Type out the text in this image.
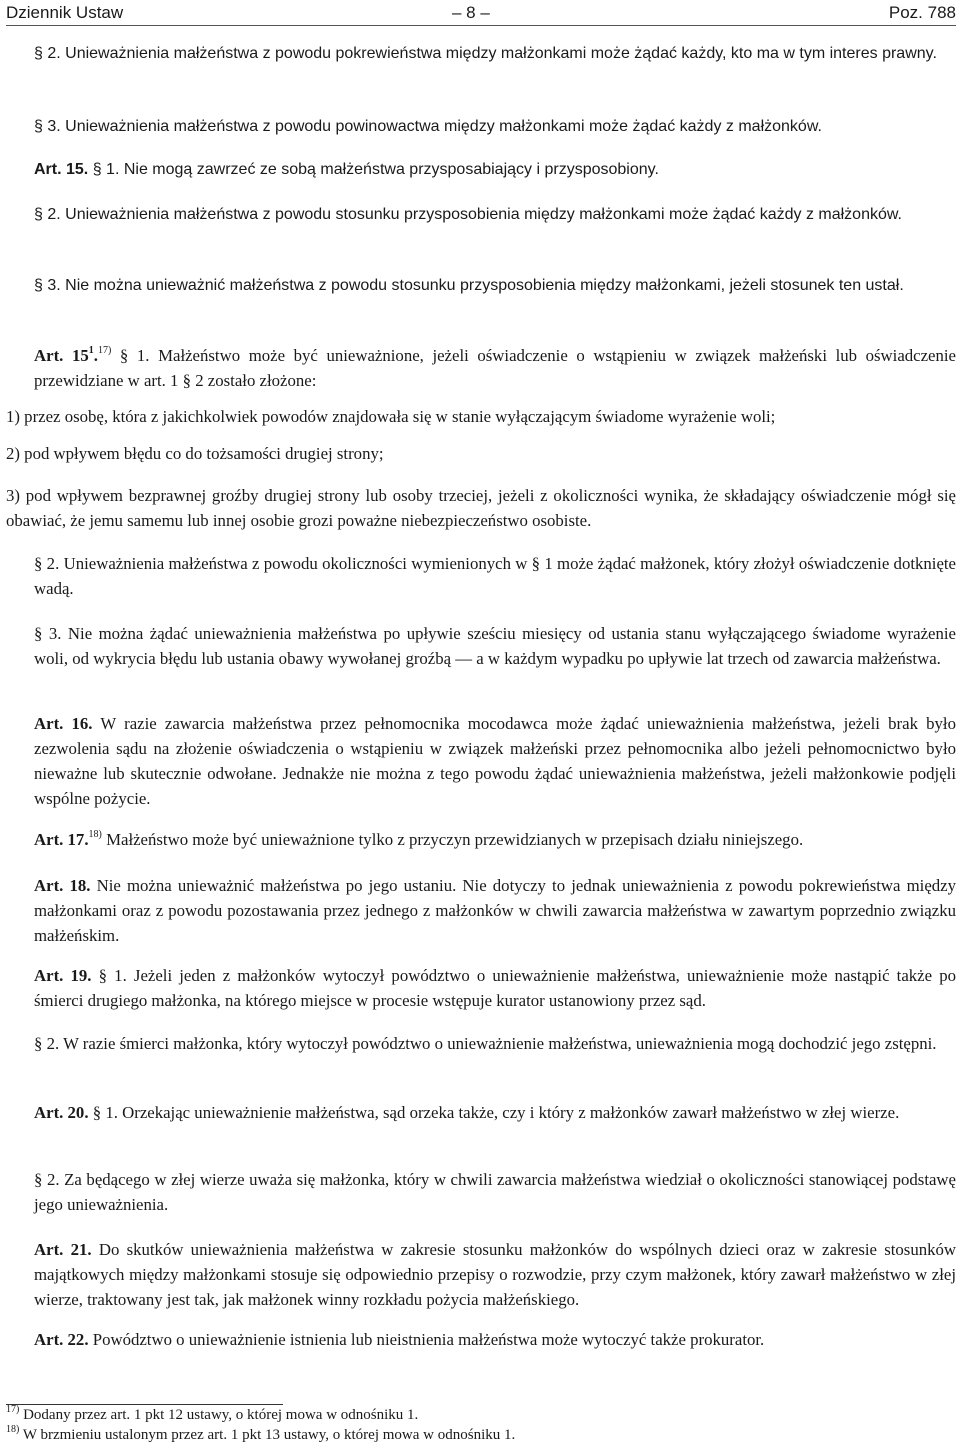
Dziennik Ustaw	– 8 –	Poz. 788

§ 2. Unieważnienia małżeństwa z powodu pokrewieństwa między małżonkami może żądać każdy, kto ma w tym interes prawny.

§ 3. Unieważnienia małżeństwa z powodu powinowactwa między małżonkami może żądać każdy z małżonków.

Art. 15. § 1. Nie mogą zawrzeć ze sobą małżeństwa przysposabiający i przysposobiony.

§ 2. Unieważnienia małżeństwa z powodu stosunku przysposobienia między małżonkami może żądać każdy z małżonków.

§ 3. Nie można unieważnić małżeństwa z powodu stosunku przysposobienia między małżonkami, jeżeli stosunek ten ustał.

Art. $15^1.^{17)}$ § 1. Małżeństwo może być unieważnione, jeżeli oświadczenie o wstąpieniu w związek małżeński lub oświadczenie przewidziane w art. 1 § 2 zostało złożone:

1) przez osobę, która z jakichkolwiek powodów znajdowała się w stanie wyłączającym świadome wyrażenie woli;

2) pod wpływem błędu co do tożsamości drugiej strony;

3) pod wpływem bezprawnej groźby drugiej strony lub osoby trzeciej, jeżeli z okoliczności wynika, że składający oświadczenie mógł się obawiać, że jemu samemu lub innej osobie grozi poważne niebezpieczeństwo osobiste.

§ 2. Unieważnienia małżeństwa z powodu okoliczności wymienionych w § 1 może żądać małżonek, który złożył oświadczenie dotknięte wadą.

§ 3. Nie można żądać unieważnienia małżeństwa po upływie sześciu miesięcy od ustania stanu wyłączającego świadome wyrażenie woli, od wykrycia błędu lub ustania obawy wywołanej groźbą — a w każdym wypadku po upływie lat trzech od zawarcia małżeństwa.

Art. 16. W razie zawarcia małżeństwa przez pełnomocnika mocodawca może żądać unieważnienia małżeństwa, jeżeli brak było zezwolenia sądu na złożenie oświadczenia o wstąpieniu w związek małżeński przez pełnomocnika albo jeżeli pełnomocnictwo było nieważne lub skutecznie odwołane. Jednakże nie można z tego powodu żądać unieważnienia małżeństwa, jeżeli małżonkowie podjęli wspólne pożycie.

Art. 17.$^{18)}$ Małżeństwo może być unieważnione tylko z przyczyn przewidzianych w przepisach działu niniejszego.

Art. 18. Nie można unieważnić małżeństwa po jego ustaniu. Nie dotyczy to jednak unieważnienia z powodu pokrewieństwa między małżonkami oraz z powodu pozostawania przez jednego z małżonków w chwili zawarcia małżeństwa w zawartym poprzednio związku małżeńskim.

Art. 19. § 1. Jeżeli jeden z małżonków wytoczył powództwo o unieważnienie małżeństwa, unieważnienie może nastąpić także po śmierci drugiego małżonka, na którego miejsce w procesie wstępuje kurator ustanowiony przez sąd.

§ 2. W razie śmierci małżonka, który wytoczył powództwo o unieważnienie małżeństwa, unieważnienia mogą dochodzić jego zstępni.

Art. 20. § 1. Orzekając unieważnienie małżeństwa, sąd orzeka także, czy i który z małżonków zawarł małżeństwo w złej wierze.

§ 2. Za będącego w złej wierze uważa się małżonka, który w chwili zawarcia małżeństwa wiedział o okoliczności stanowiącej podstawę jego unieważnienia.

Art. 21. Do skutków unieważnienia małżeństwa w zakresie stosunku małżonków do wspólnych dzieci oraz w zakresie stosunków majątkowych między małżonkami stosuje się odpowiednio przepisy o rozwodzie, przy czym małżonek, który zawarł małżeństwo w złej wierze, traktowany jest tak, jak małżonek winny rozkładu pożycia małżeńskiego.

Art. 22. Powództwo o unieważnienie istnienia lub nieistnienia małżeństwa może wytoczyć także prokurator.

$^{17)}$ Dodany przez art. 1 pkt 12 ustawy, o której mowa w odnośniku 1.
$^{18)}$ W brzmieniu ustalonym przez art. 1 pkt 13 ustawy, o której mowa w odnośniku 1.
